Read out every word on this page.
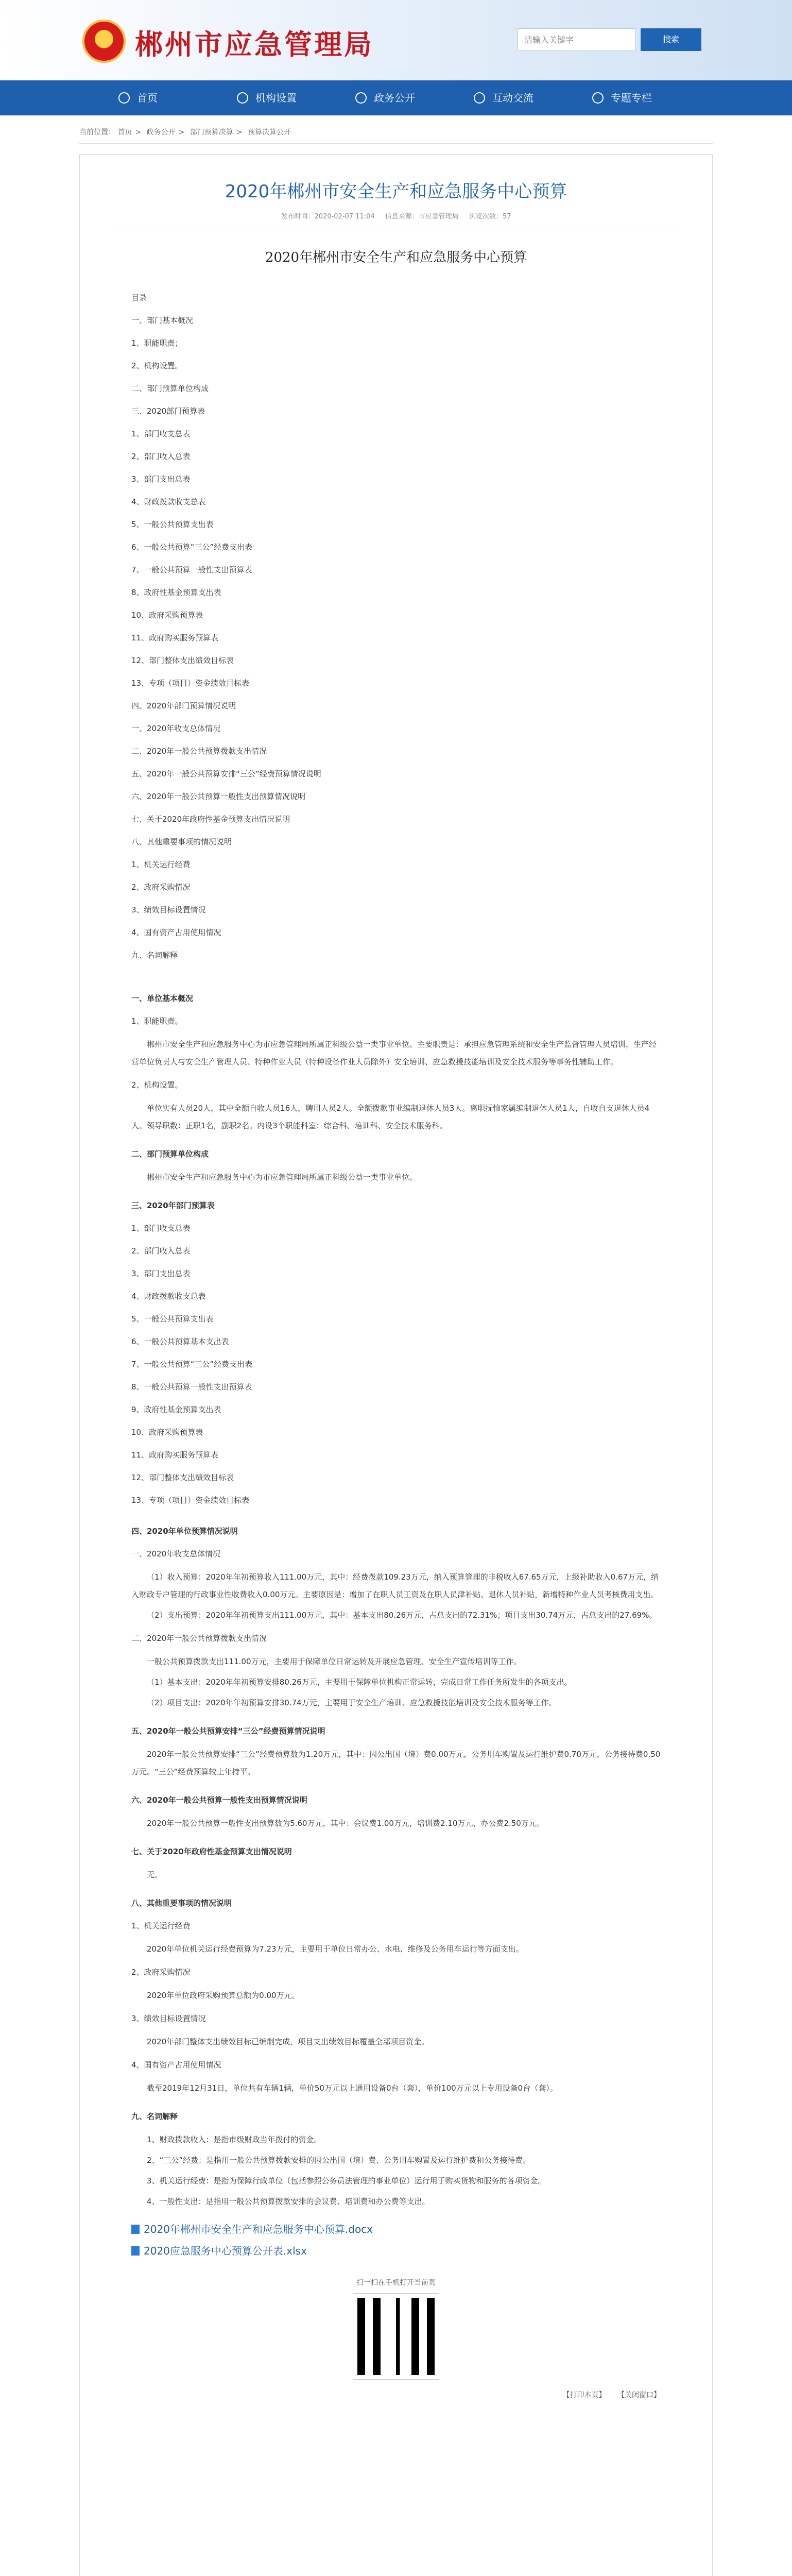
郴州市应急管理局
请输入关键字	搜索
首页	机构设置	政务公开	互动交流	专题专栏
当前位置： 首页 > 政务公开 > 部门预算决算 > 预算决算公开
2020年郴州市安全生产和应急服务中心预算
发布时间：2020-02-07 11:04 信息来源：市应急管理局 浏览次数：57
2020年郴州市安全生产和应急服务中心预算

目录

一、部门基本概况

1、职能职责；

2、机构设置。

二、部门预算单位构成

三、2020部门预算表

1、部门收支总表

2、部门收入总表

3、部门支出总表

4、财政拨款收支总表

5、一般公共预算支出表

6、一般公共预算“三公”经费支出表

7、一般公共预算一般性支出预算表

8、政府性基金预算支出表

10、政府采购预算表

11、政府购买服务预算表

12、部门整体支出绩效目标表

13、专项（项目）资金绩效目标表

四、2020年部门预算情况说明

一、2020年收支总体情况

二、2020年一般公共预算拨款支出情况

五、2020年一般公共预算安排“三公”经费预算情况说明

六、2020年一般公共预算一般性支出预算情况说明

七、关于2020年政府性基金预算支出情况说明

八、其他重要事项的情况说明

1、机关运行经费

2、政府采购情况

3、绩效目标设置情况

4、国有资产占用使用情况

九、名词解释

一、单位基本概况

1、职能职责。

郴州市安全生产和应急服务中心为市应急管理局所属正科级公益一类事业单位。主要职责是：承担应急管理系统和安全生产监督管理人员培训，生产经营单位负责人与安全生产管理人员、特种作业人员（特种设备作业人员除外）安全培训、应急救援技能培训及安全技术服务等事务性辅助工作。

2、机构设置。

单位实有人员20人，其中全额自收人员16人，聘用人员2人。全额拨款事业编制退休人员3人。离职抚恤家属编制退休人员1人，自收自支退休人员4人。领导职数：正职1名，副职2名。内设3个职能科室：综合科、培训科、安全技术服务科。

二、部门预算单位构成

郴州市安全生产和应急服务中心为市应急管理局所属正科级公益一类事业单位。

三、2020年部门预算表

1、部门收支总表

2、部门收入总表

3、部门支出总表

4、财政拨款收支总表

5、一般公共预算支出表

6、一般公共预算基本支出表

7、一般公共预算“三公”经费支出表

8、一般公共预算一般性支出预算表

9、政府性基金预算支出表

10、政府采购预算表

11、政府购买服务预算表

12、部门整体支出绩效目标表

13、专项（项目）资金绩效目标表

四、2020年单位预算情况说明

一、2020年收支总体情况

（1）收入预算：2020年年初预算收入111.00万元，其中：经费拨款109.23万元，纳入预算管理的非税收入67.65万元，上级补助收入0.67万元，纳入财政专户管理的行政事业性收费收入0.00万元。主要原因是：增加了在职人员工资及在职人员津补贴、退休人员补贴，新增特种作业人员考核费用支出。

（2）支出预算：2020年年初预算支出111.00万元，其中：基本支出80.26万元，占总支出的72.31%；项目支出30.74万元，占总支出的27.69%。

二、2020年一般公共预算拨款支出情况

一般公共预算拨款支出111.00万元，主要用于保障单位日常运转及开展应急管理、安全生产宣传培训等工作。

（1）基本支出：2020年年初预算安排80.26万元，主要用于保障单位机构正常运转，完成日常工作任务所发生的各项支出。

（2）项目支出：2020年年初预算安排30.74万元，主要用于安全生产培训、应急救援技能培训及安全技术服务等工作。

五、2020年一般公共预算安排“三公”经费预算情况说明

2020年一般公共预算安排“三公”经费预算数为1.20万元，其中：因公出国（境）费0.00万元，公务用车购置及运行维护费0.70万元，公务接待费0.50万元。“三公”经费预算较上年持平。

六、2020年一般公共预算一般性支出预算情况说明

2020年一般公共预算一般性支出预算数为5.60万元，其中：会议费1.00万元，培训费2.10万元，办公费2.50万元。

七、关于2020年政府性基金预算支出情况说明

无。

八、其他重要事项的情况说明

1、机关运行经费

2020年单位机关运行经费预算为7.23万元，主要用于单位日常办公、水电、维修及公务用车运行等方面支出。

2、政府采购情况

2020年单位政府采购预算总额为0.00万元。

3、绩效目标设置情况

2020年部门整体支出绩效目标已编制完成，项目支出绩效目标覆盖全部项目资金。

4、国有资产占用使用情况

截至2019年12月31日，单位共有车辆1辆，单价50万元以上通用设备0台（套），单价100万元以上专用设备0台（套）。

九、名词解释

1、财政拨款收入：是指市级财政当年拨付的资金。

2、“三公”经费：是指用一般公共预算拨款安排的因公出国（境）费、公务用车购置及运行维护费和公务接待费。

3、机关运行经费：是指为保障行政单位（包括参照公务员法管理的事业单位）运行用于购买货物和服务的各项资金。

4、一般性支出：是指用一般公共预算拨款安排的会议费、培训费和办公费等支出。

2020年郴州市安全生产和应急服务中心预算.docx
2020应急服务中心预算公开表.xlsx
扫一扫在手机打开当前页
【打印本页】 【关闭窗口】
